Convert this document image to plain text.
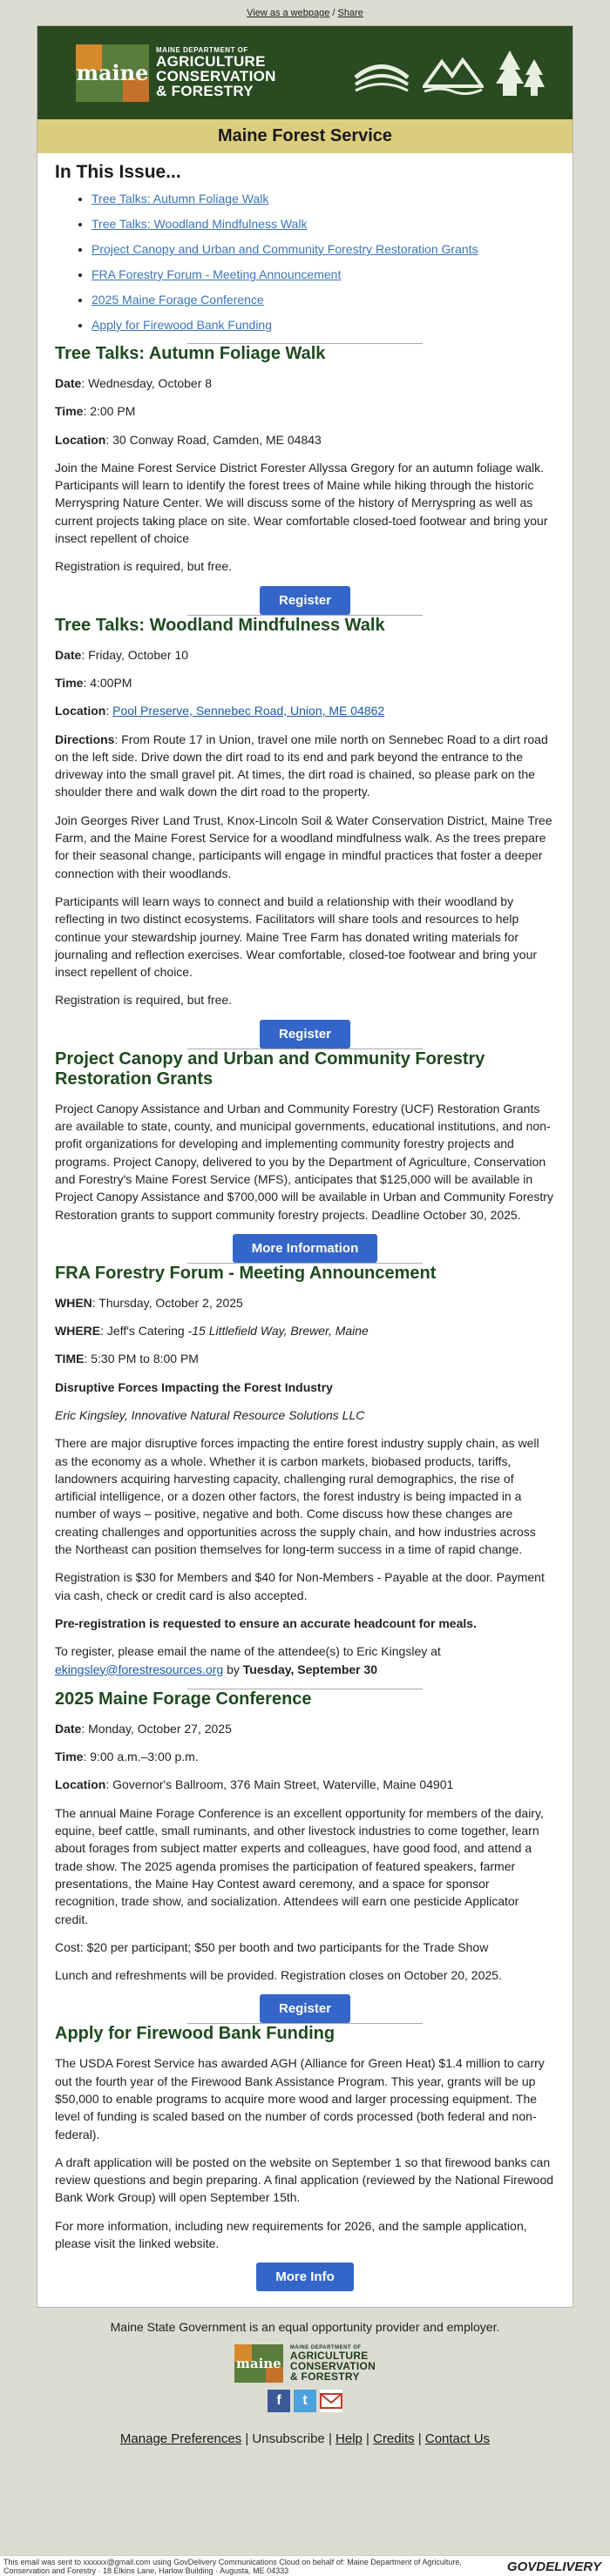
View as a webpage / Share
maine
MAINE DEPARTMENT OF
AGRICULTURE
CONSERVATION
& FORESTRY
Maine Forest Service
In This Issue...
• Tree Talks: Autumn Foliage Walk
• Tree Talks: Woodland Mindfulness Walk
• Project Canopy and Urban and Community Forestry Restoration Grants
• FRA Forestry Forum - Meeting Announcement
• 2025 Maine Forage Conference
• Apply for Firewood Bank Funding
Tree Talks: Autumn Foliage Walk

Date: Wednesday, October 8

Time: 2:00 PM

Location: 30 Conway Road, Camden, ME 04843

Join the Maine Forest Service District Forester Allyssa Gregory for an autumn foliage walk. Participants will learn to identify the forest trees of Maine while hiking through the historic Merryspring Nature Center. We will discuss some of the history of Merryspring as well as current projects taking place on site. Wear comfortable closed-toed footwear and bring your insect repellent of choice

Registration is required, but free.

Register
Tree Talks: Woodland Mindfulness Walk

Date: Friday, October 10

Time: 4:00PM

Location: Pool Preserve, Sennebec Road, Union, ME 04862

Directions: From Route 17 in Union, travel one mile north on Sennebec Road to a dirt road on the left side. Drive down the dirt road to its end and park beyond the entrance to the driveway into the small gravel pit. At times, the dirt road is chained, so please park on the shoulder there and walk down the dirt road to the property.

Join Georges River Land Trust, Knox-Lincoln Soil & Water Conservation District, Maine Tree Farm, and the Maine Forest Service for a woodland mindfulness walk. As the trees prepare for their seasonal change, participants will engage in mindful practices that foster a deeper connection with their woodlands.

Participants will learn ways to connect and build a relationship with their woodland by reflecting in two distinct ecosystems. Facilitators will share tools and resources to help continue your stewardship journey. Maine Tree Farm has donated writing materials for journaling and reflection exercises. Wear comfortable, closed-toe footwear and bring your insect repellent of choice.

Registration is required, but free.

Register
Project Canopy and Urban and Community Forestry Restoration Grants

Project Canopy Assistance and Urban and Community Forestry (UCF) Restoration Grants are available to state, county, and municipal governments, educational institutions, and non-profit organizations for developing and implementing community forestry projects and programs. Project Canopy, delivered to you by the Department of Agriculture, Conservation and Forestry's Maine Forest Service (MFS), anticipates that $125,000 will be available in Project Canopy Assistance and $700,000 will be available in Urban and Community Forestry Restoration grants to support community forestry projects. Deadline October 30, 2025.

More Information
FRA Forestry Forum - Meeting Announcement

WHEN: Thursday, October 2, 2025

WHERE: Jeff's Catering -15 Littlefield Way, Brewer, Maine

TIME: 5:30 PM to 8:00 PM

Disruptive Forces Impacting the Forest Industry

Eric Kingsley, Innovative Natural Resource Solutions LLC

There are major disruptive forces impacting the entire forest industry supply chain, as well as the economy as a whole. Whether it is carbon markets, biobased products, tariffs, landowners acquiring harvesting capacity, challenging rural demographics, the rise of artificial intelligence, or a dozen other factors, the forest industry is being impacted in a number of ways – positive, negative and both. Come discuss how these changes are creating challenges and opportunities across the supply chain, and how industries across the Northeast can position themselves for long-term success in a time of rapid change.

Registration is $30 for Members and $40 for Non-Members - Payable at the door. Payment via cash, check or credit card is also accepted.

Pre-registration is requested to ensure an accurate headcount for meals.

To register, please email the name of the attendee(s) to Eric Kingsley at ekingsley@forestresources.org by Tuesday, September 30

2025 Maine Forage Conference

Date: Monday, October 27, 2025

Time: 9:00 a.m.–3:00 p.m.

Location: Governor's Ballroom, 376 Main Street, Waterville, Maine 04901

The annual Maine Forage Conference is an excellent opportunity for members of the dairy, equine, beef cattle, small ruminants, and other livestock industries to come together, learn about forages from subject matter experts and colleagues, have good food, and attend a trade show. The 2025 agenda promises the participation of featured speakers, farmer presentations, the Maine Hay Contest award ceremony, and a space for sponsor recognition, trade show, and socialization. Attendees will earn one pesticide Applicator credit.

Cost: $20 per participant; $50 per booth and two participants for the Trade Show

Lunch and refreshments will be provided. Registration closes on October 20, 2025.

Register
Apply for Firewood Bank Funding

The USDA Forest Service has awarded AGH (Alliance for Green Heat) $1.4 million to carry out the fourth year of the Firewood Bank Assistance Program. This year, grants will be up $50,000 to enable programs to acquire more wood and larger processing equipment. The level of funding is scaled based on the number of cords processed (both federal and non-federal).

A draft application will be posted on the website on September 1 so that firewood banks can review questions and begin preparing. A final application (reviewed by the National Firewood Bank Work Group) will open September 15th.

For more information, including new requirements for 2026, and the sample application, please visit the linked website.

More Info
Maine State Government is an equal opportunity provider and employer.
maine
MAINE DEPARTMENT OF
AGRICULTURE
CONSERVATION
& FORESTRY
f	t
Manage Preferences | Unsubscribe | Help | Credits | Contact Us
This email was sent to xxxxxx@gmail.com using GovDelivery Communications Cloud on behalf of: Maine Department of Agriculture, Conservation and Forestry · 18 Elkins Lane, Harlow Building · Augusta, ME 04333	GOVDELIVERY
